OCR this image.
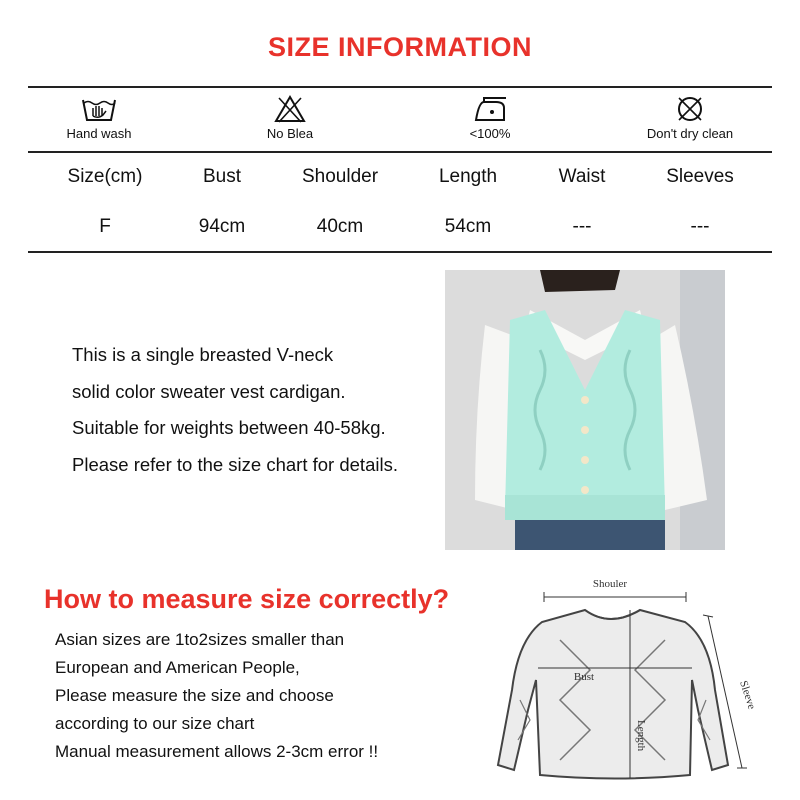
SIZE INFORMATION
Hand wash	No Blea	<100%	Don't dry clean
Size(cm)	Bust	Shoulder	Length	Waist	Sleeves
F	94cm	40cm	54cm	---	---
This is a single breasted V-neck
solid color sweater vest cardigan.
Suitable for weights between 40-58kg.
Please refer to the size chart for details.
How to measure size correctly?
Asian sizes are 1to2sizes smaller than
European and American People,
Please measure the size and choose
according to our size chart
Manual measurement allows 2-3cm error !!
Shouler
Bust
Length
Sleeve
